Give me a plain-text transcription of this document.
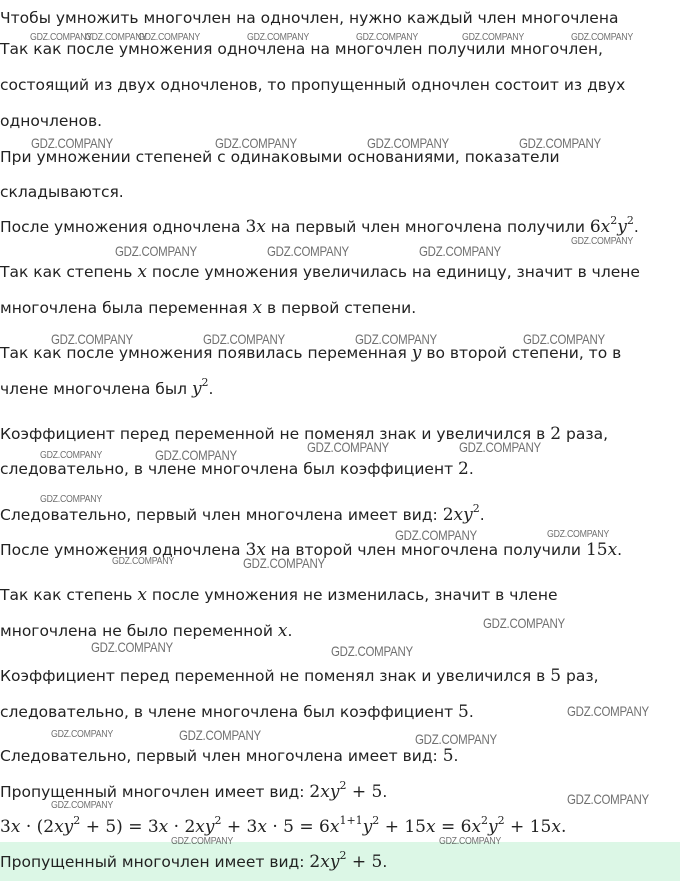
Чтобы умножить многочлен на одночлен, нужно каждый член многочлена
Так как после умножения одночлена на многочлен получили многочлен,
состоящий из двух одночленов, то пропущенный одночлен состоит из двух
одночленов.
При умножении степеней с одинаковыми основаниями, показатели
складываются.
После умножения одночлена 3x на первый член многочлена получили $6x^2y^2$.
Так как степень x после умножения увеличилась на единицу, значит в члене
многочлена была переменная x в первой степени.
Так как после умножения появилась переменная y во второй степени, то в
члене многочлена был $y^2$.
Коэффициент перед переменной не поменял знак и увеличился в 2 раза,
следовательно, в члене многочлена был коэффициент 2.
Следовательно, первый член многочлена имеет вид: $2xy^2$.
После умножения одночлена 3x на второй член многочлена получили 15x.
Так как степень x после умножения не изменилась, значит в члене
многочлена не было переменной x.
Коэффициент перед переменной не поменял знак и увеличился в 5 раз,
следовательно, в члене многочлена был коэффициент 5.
Следовательно, первый член многочлена имеет вид: 5.
Пропущенный многочлен имеет вид: $2xy^2 + 5$.
$3x \cdot (2xy^2 + 5) = 3x \cdot 2xy^2 + 3x \cdot 5 = 6x^{1+1}y^2 + 15x = 6x^2y^2 + 15x$.
Пропущенный многочлен имеет вид: $2xy^2 + 5$.
GDZ.COMPANY
GDZ.COMPANY
GDZ.COMPANY	GDZ.COMPANY	GDZ.COMPANY	GDZ.COMPANY	GDZ.COMPANY
GDZ.COMPANY	GDZ.COMPANY	GDZ.COMPANY	GDZ.COMPANY
GDZ.COMPANY
GDZ.COMPANY	GDZ.COMPANY	GDZ.COMPANY
GDZ.COMPANY	GDZ.COMPANY	GDZ.COMPANY	GDZ.COMPANY
GDZ.COMPANY	GDZ.COMPANY
GDZ.COMPANY	GDZ.COMPANY
GDZ.COMPANY
GDZ.COMPANY	GDZ.COMPANY
GDZ.COMPANY	GDZ.COMPANY
GDZ.COMPANY
GDZ.COMPANY	GDZ.COMPANY
GDZ.COMPANY
GDZ.COMPANY	GDZ.COMPANY	GDZ.COMPANY
GDZ.COMPANY	GDZ.COMPANY
GDZ.COMPANY	GDZ.COMPANY
